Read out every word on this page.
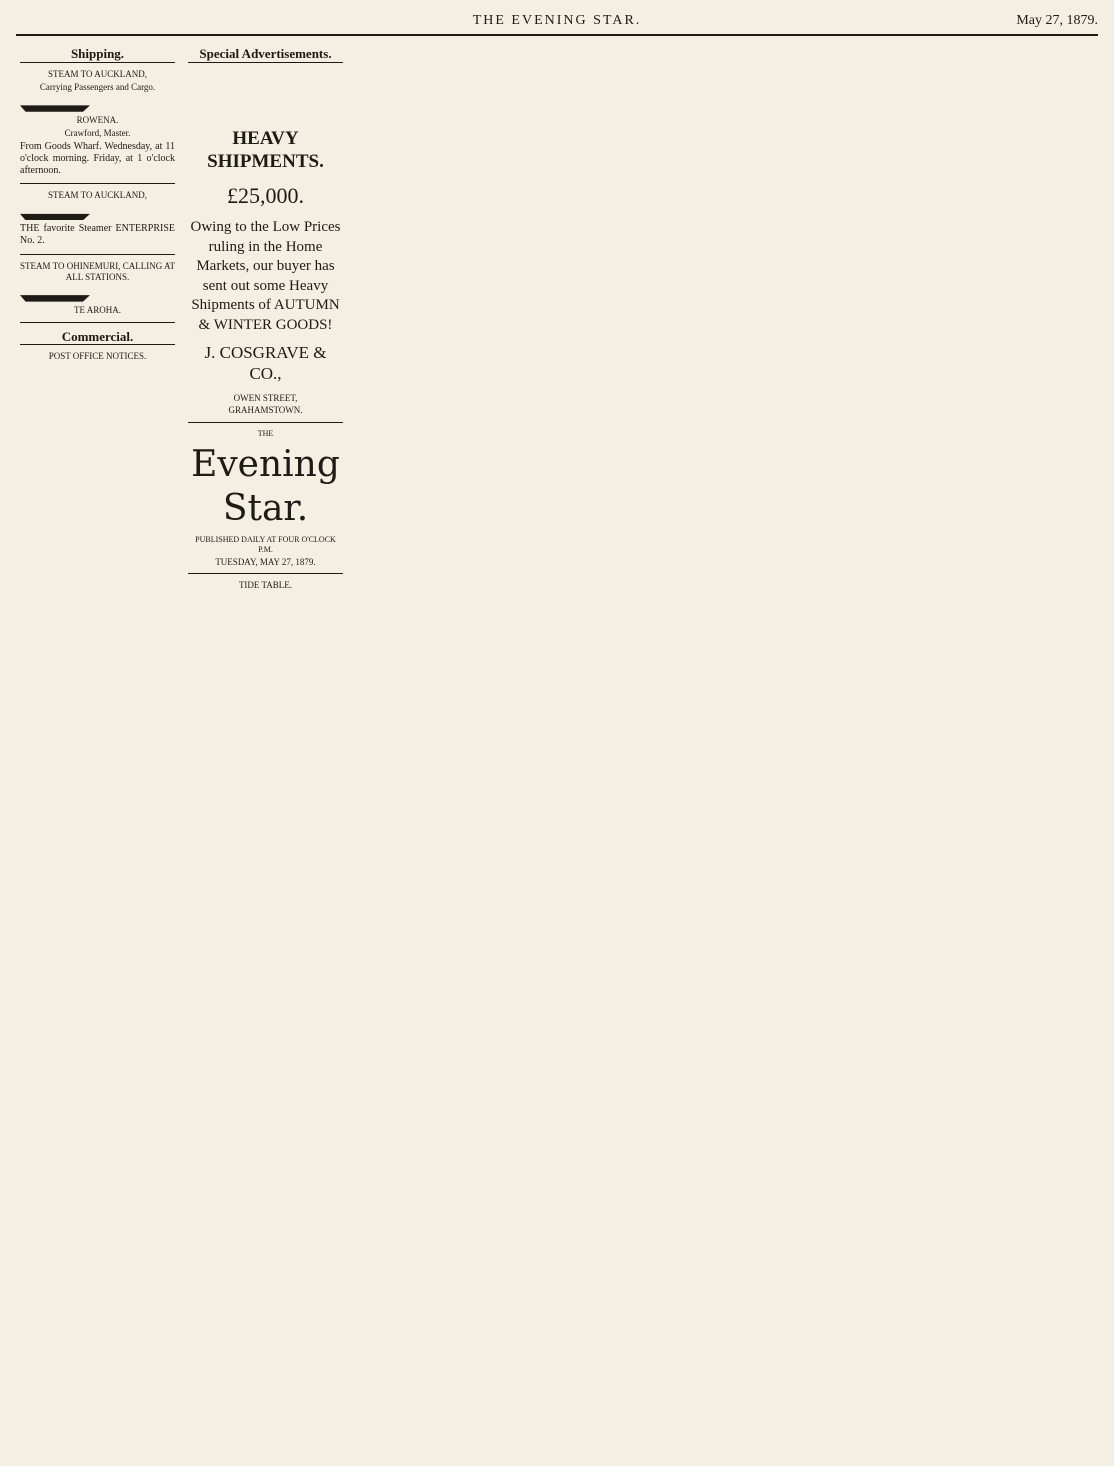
THE EVENING STAR.	May 27, 1879.
Shipping.
STEAM TO AUCKLAND,
Carrying Passengers and Cargo.
ROWENA.
Crawford, Master.

From Goods Wharf. Wednesday, at 11 o'clock morning. Friday, at 1 o'clock afternoon.

STEAM TO AUCKLAND,

THE favorite Steamer ENTERPRISE No. 2.

STEAM TO OHINEMURI, CALLING AT ALL STATIONS.
TE AROHA.
Commercial.
POST OFFICE NOTICES.
Special Advertisements.
HEAVY SHIPMENTS.
£25,000.
Owing to the Low Prices ruling in the Home Markets, our buyer has sent out some Heavy Shipments of AUTUMN & WINTER GOODS!
J. COSGRAVE & CO.,
OWEN STREET,
GRAHAMSTOWN.
THE
Evening Star.
PUBLISHED DAILY AT FOUR O'CLOCK P.M.
TUESDAY, MAY 27, 1879.
TIDE TABLE.
